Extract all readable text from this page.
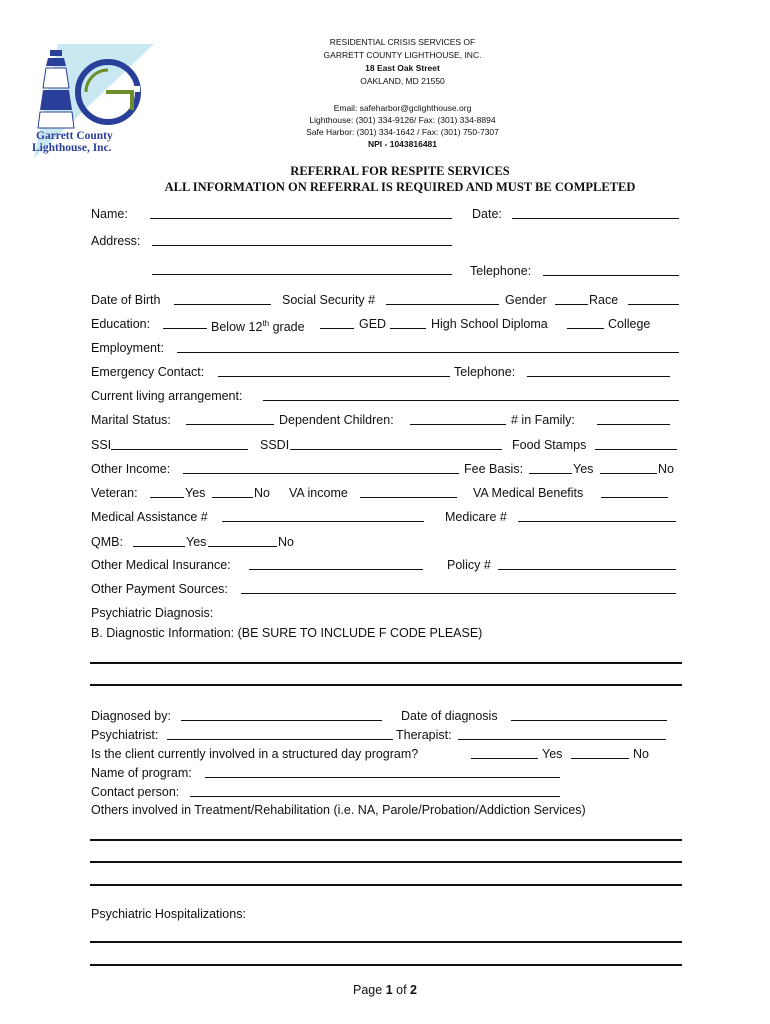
Garrett County
Lighthouse, Inc.
RESIDENTIAL CRISIS SERVICES OF
GARRETT COUNTY LIGHTHOUSE, INC.
18 East Oak Street
OAKLAND, MD 21550
Email: safeharbor@gclighthouse.org
Lighthouse: (301) 334-9126/ Fax: (301) 334-8894
Safe Harbor: (301) 334-1642 / Fax: (301) 750-7307
NPI - 1043816481
REFERRAL FOR RESPITE SERVICES
ALL INFORMATION ON REFERRAL IS REQUIRED AND MUST BE COMPLETED
Name:	Date:
Address:
Telephone:
Date of Birth	Social Security #	Gender	Race
Education:	Below 12th grade	GED	High School Diploma	College
Employment:
Emergency Contact:	Telephone:
Current living arrangement:
Marital Status:	Dependent Children:	# in Family:
SSI	SSDI	Food Stamps
Other Income:	Fee Basis:	Yes	No
Veteran:	Yes	No VA income	VA Medical Benefits
Medical Assistance #	Medicare #
QMB:	Yes	No
Other Medical Insurance:	Policy #
Other Payment Sources:
Psychiatric Diagnosis:
B. Diagnostic Information: (BE SURE TO INCLUDE F CODE PLEASE)
Diagnosed by:	Date of diagnosis
Psychiatrist:	Therapist:
Is the client currently involved in a structured day program?	Yes	No
Name of program:
Contact person:
Others involved in Treatment/Rehabilitation (i.e. NA, Parole/Probation/Addiction Services)
Psychiatric Hospitalizations:
Page 1 of 2
